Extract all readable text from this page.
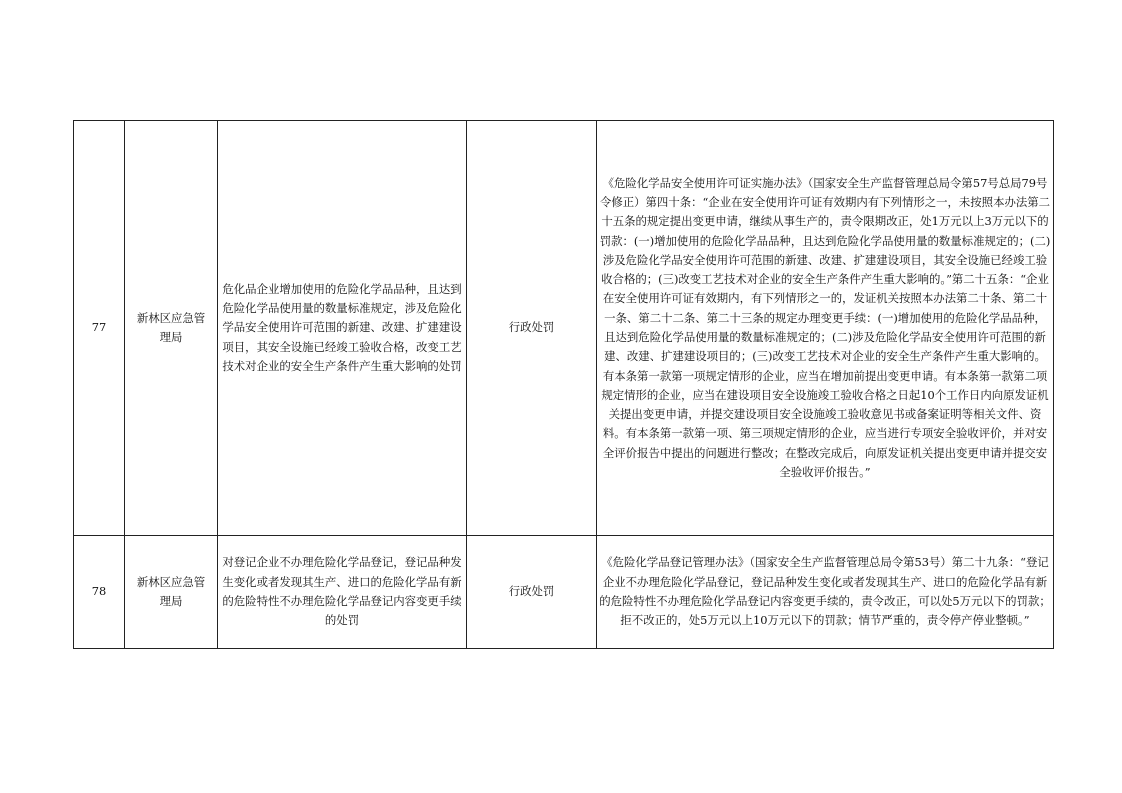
77	新林区应急管理局	危化品企业增加使用的危险化学品品种，且达到危险化学品使用量的数量标准规定，涉及危险化学品安全使用许可范围的新建、改建、扩建建设项目，其安全设施已经竣工验收合格，改变工艺技术对企业的安全生产条件产生重大影响的处罚	行政处罚	《危险化学品安全使用许可证实施办法》（国家安全生产监督管理总局令第57号总局79号令修正）第四十条：“企业在安全使用许可证有效期内有下列情形之一，未按照本办法第二十五条的规定提出变更申请，继续从事生产的，责令限期改正，处1万元以上3万元以下的罚款：(一)增加使用的危险化学品品种，且达到危险化学品使用量的数量标准规定的；(二)涉及危险化学品安全使用许可范围的新建、改建、扩建建设项目，其安全设施已经竣工验收合格的；(三)改变工艺技术对企业的安全生产条件产生重大影响的。”第二十五条：“企业在安全使用许可证有效期内，有下列情形之一的，发证机关按照本办法第二十条、第二十一条、第二十二条、第二十三条的规定办理变更手续：(一)增加使用的危险化学品品种，且达到危险化学品使用量的数量标准规定的；(二)涉及危险化学品安全使用许可范围的新建、改建、扩建建设项目的；(三)改变工艺技术对企业的安全生产条件产生重大影响的。有本条第一款第一项规定情形的企业，应当在增加前提出变更申请。有本条第一款第二项规定情形的企业，应当在建设项目安全设施竣工验收合格之日起10个工作日内向原发证机关提出变更申请，并提交建设项目安全设施竣工验收意见书或备案证明等相关文件、资料。有本条第一款第一项、第三项规定情形的企业，应当进行专项安全验收评价，并对安全评价报告中提出的问题进行整改；在整改完成后，向原发证机关提出变更申请并提交安全验收评价报告。”

78	新林区应急管理局	对登记企业不办理危险化学品登记，登记品种发生变化或者发现其生产、进口的危险化学品有新的危险特性不办理危险化学品登记内容变更手续的处罚	行政处罚	《危险化学品登记管理办法》（国家安全生产监督管理总局令第53号）第二十九条：“登记企业不办理危险化学品登记，登记品种发生变化或者发现其生产、进口的危险化学品有新的危险特性不办理危险化学品登记内容变更手续的，责令改正，可以处5万元以下的罚款；拒不改正的，处5万元以上10万元以下的罚款；情节严重的，责令停产停业整顿。”
